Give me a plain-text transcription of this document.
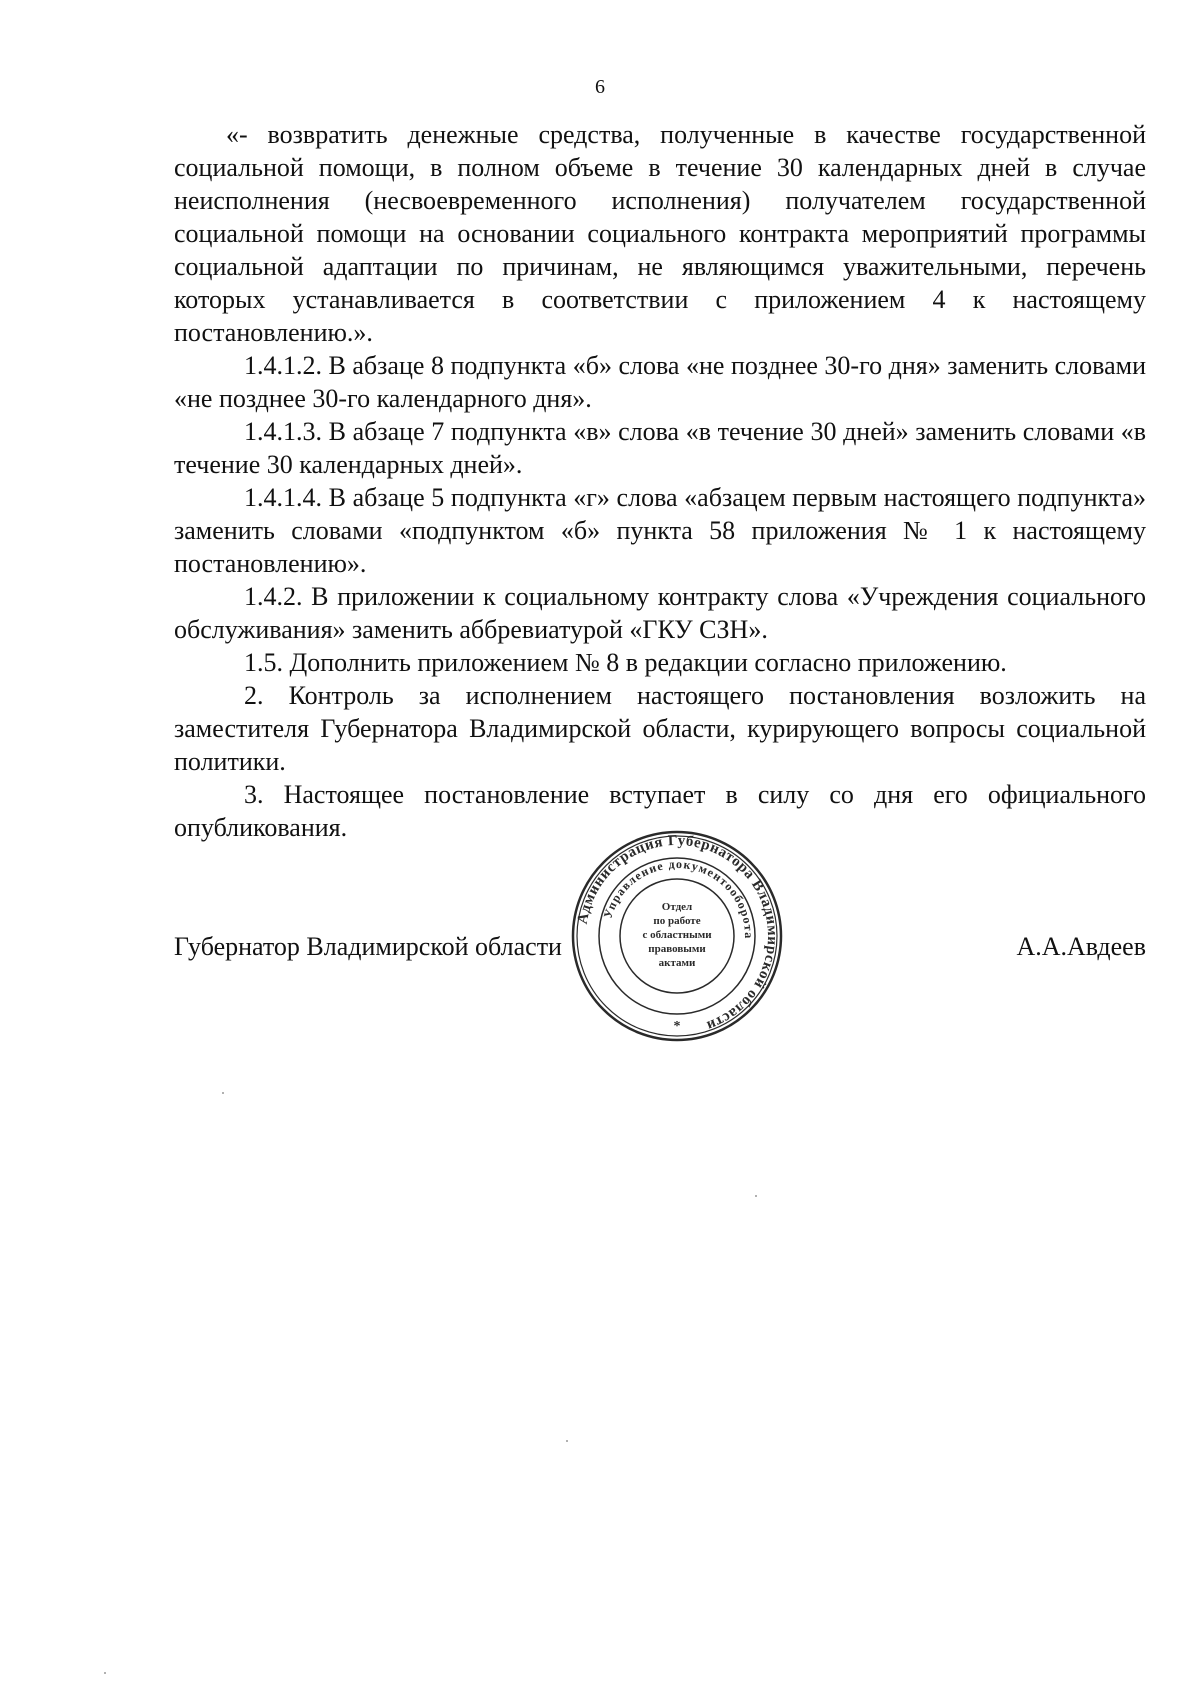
6

«- возвратить денежные средства, полученные в качестве государственной социальной помощи, в полном объеме в течение 30 календарных дней в случае неисполнения (несвоевременного исполнения) получателем государственной социальной помощи на основании социального контракта мероприятий программы социальной адаптации по причинам, не являющимся уважительными, перечень которых устанавливается в соответствии с приложением 4 к настоящему постановлению.».

1.4.1.2. В абзаце 8 подпункта «б» слова «не позднее 30-го дня» заменить словами «не позднее 30-го календарного дня».

1.4.1.3. В абзаце 7 подпункта «в» слова «в течение 30 дней» заменить словами «в течение 30 календарных дней».

1.4.1.4. В абзаце 5 подпункта «г» слова «абзацем первым настоящего подпункта» заменить словами «подпунктом «б» пункта 58 приложения № 1 к настоящему постановлению».

1.4.2. В приложении к социальному контракту слова «Учреждения социального обслуживания» заменить аббревиатурой «ГКУ СЗН».

1.5. Дополнить приложением № 8 в редакции согласно приложению.

2. Контроль за исполнением настоящего постановления возложить на заместителя Губернатора Владимирской области, курирующего вопросы социальной политики.

3. Настоящее постановление вступает в силу со дня его официального опубликования.

Губернатор Владимирской области	А.А.Авдеев
Администрация Губернатора Владимирской области
Управление документооборота
Отдел
по работе
с областными
правовыми
актами
*
